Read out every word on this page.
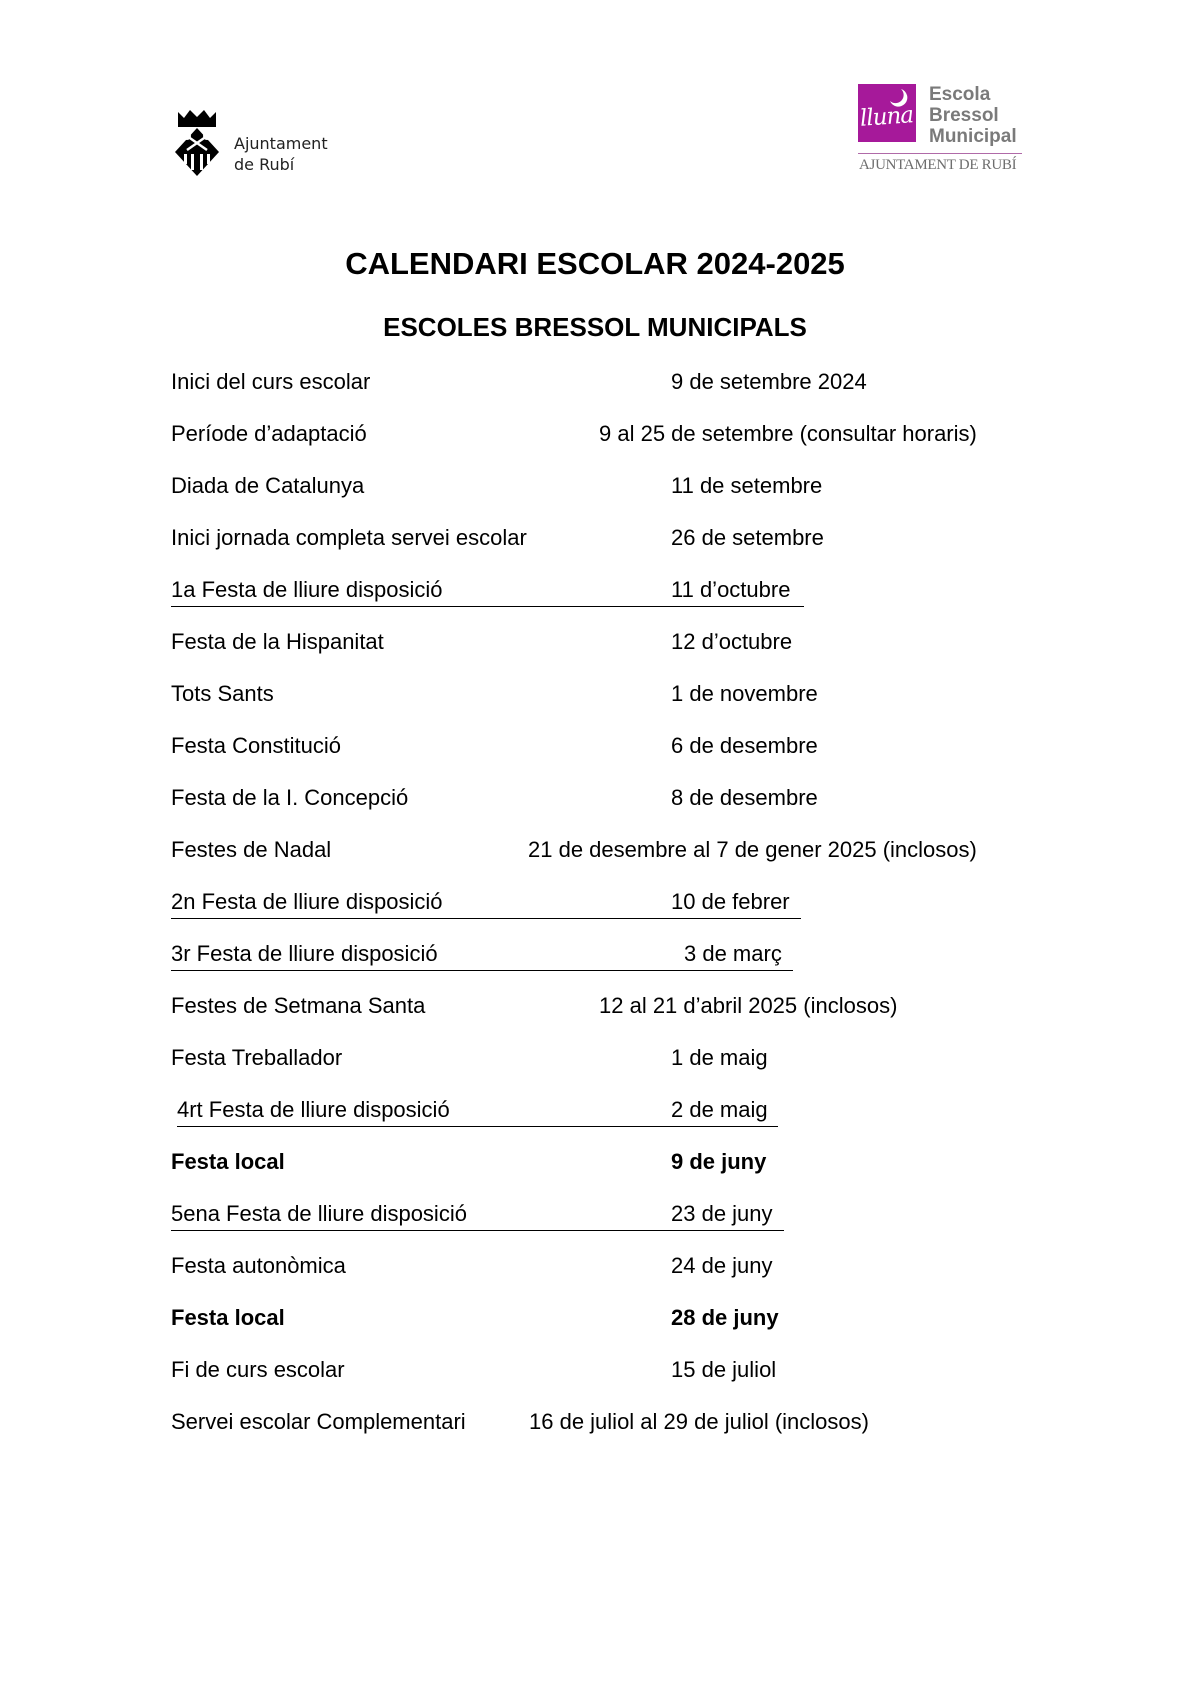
Ajuntament
de Rubí
lluna
Escola
Bressol
Municipal
AJUNTAMENT DE RUBÍ
CALENDARI ESCOLAR 2024-2025
ESCOLES BRESSOL MUNICIPALS
Inici del curs escolar	9 de setembre 2024
Període d’adaptació	9 al 25 de setembre (consultar horaris)
Diada de Catalunya	11 de setembre
Inici jornada completa servei escolar	26 de setembre
1a Festa de lliure disposició	11 d’octubre
Festa de la Hispanitat	12 d’octubre
Tots Sants	1 de novembre
Festa Constitució	6 de desembre
Festa de la I. Concepció	8 de desembre
Festes de Nadal	21 de desembre al 7 de gener 2025 (inclosos)
2n Festa de lliure disposició	10 de febrer
3r Festa de lliure disposició	3 de març
Festes de Setmana Santa	12 al 21 d’abril 2025 (inclosos)
Festa Treballador	1 de maig
4rt Festa de lliure disposició	2 de maig
Festa local	9 de juny
5ena Festa de lliure disposició	23 de juny
Festa autonòmica	24 de juny
Festa local	28 de juny
Fi de curs escolar	15 de juliol
Servei escolar Complementari	16 de juliol al 29 de juliol (inclosos)
